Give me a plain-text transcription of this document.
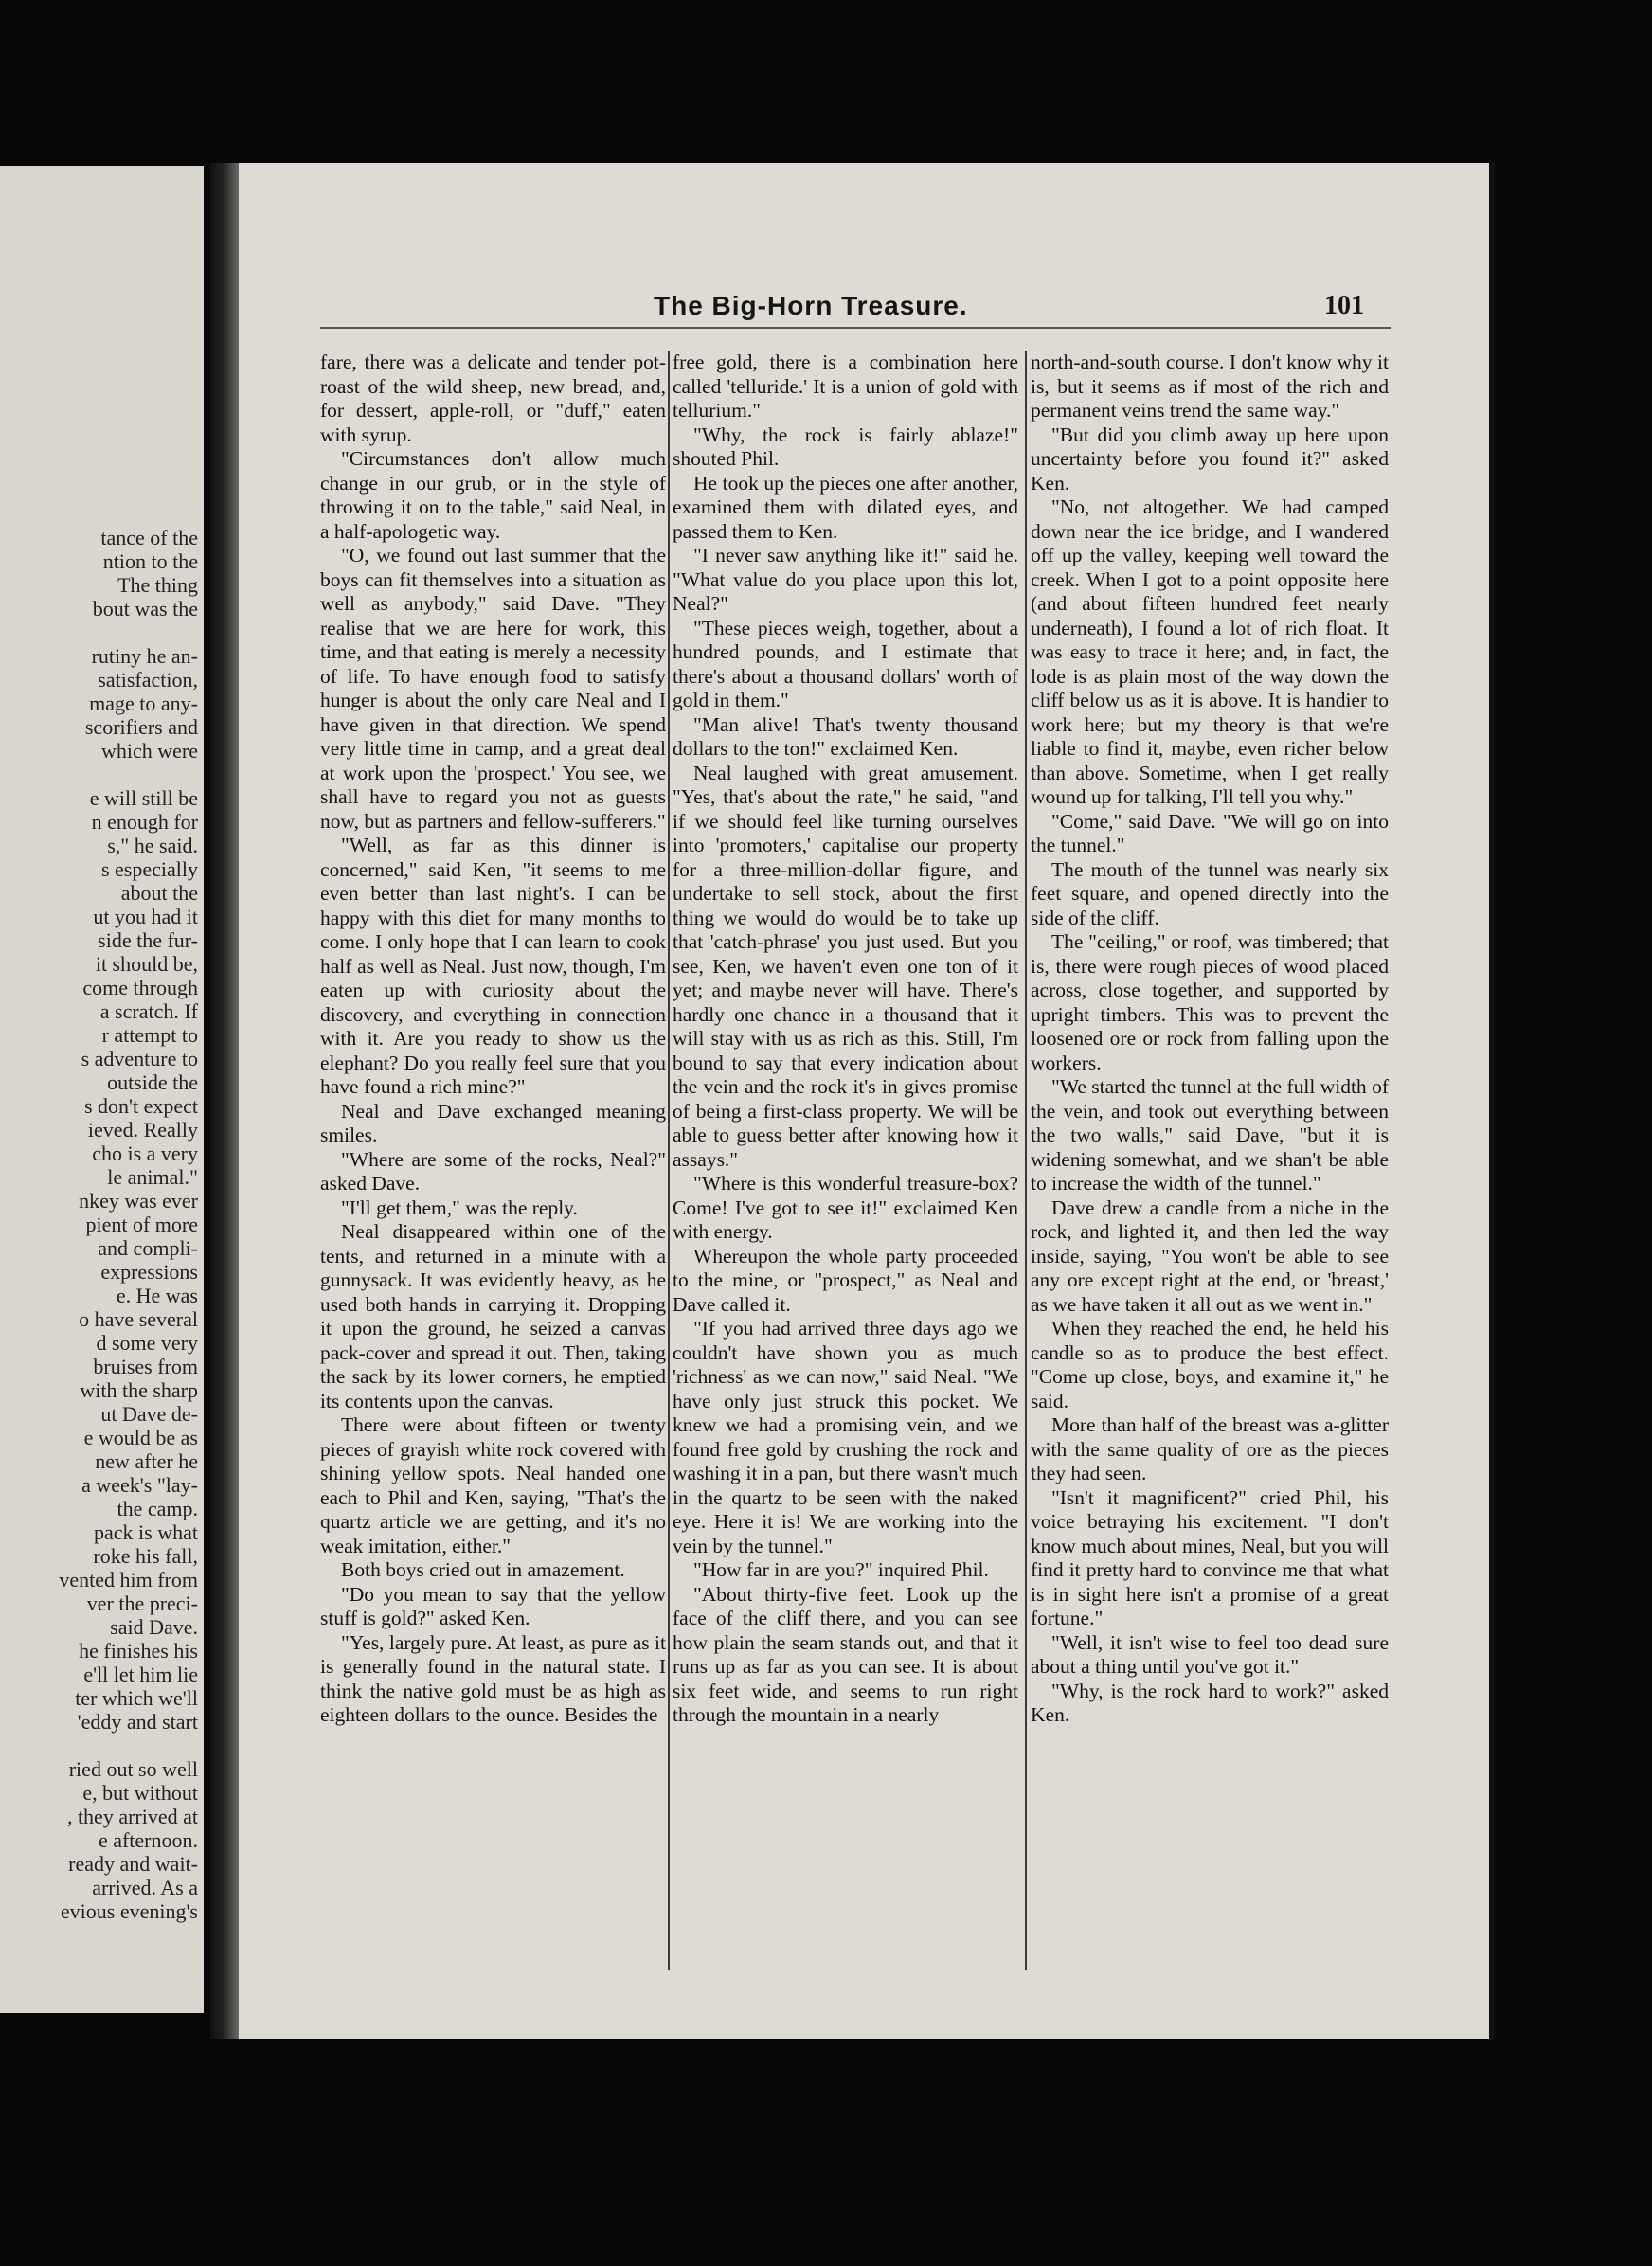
tance of the
ntion to the
The thing
bout was the

rutiny he an-
satisfaction,
mage to any-
scorifiers and
which were

e will still be
n enough for
s," he said.
s especially
about the
ut you had it
side the fur-
it should be,
come through
a scratch. If
r attempt to
s adventure to
outside the
s don't expect
ieved. Really
cho is a very
le animal."
nkey was ever
pient of more
and compli-
expressions
e. He was
o have several
d some very
bruises from
with the sharp
ut Dave de-
e would be as
new after he
a week's "lay-
the camp.
pack is what
roke his fall,
vented him from
ver the preci-
said Dave.
he finishes his
e'll let him lie
ter which we'll
'eddy and start

ried out so well
e, but without
, they arrived at
e afternoon.
ready and wait-
arrived. As a
evious evening's
The Big-Horn Treasure.	101

fare, there was a delicate and tender pot-roast of the wild sheep, new bread, and, for dessert, apple-roll, or "duff," eaten with syrup.

"Circumstances don't allow much change in our grub, or in the style of throwing it on to the table," said Neal, in a half-apologetic way.

"O, we found out last summer that the boys can fit themselves into a situation as well as anybody," said Dave. "They realise that we are here for work, this time, and that eating is merely a necessity of life. To have enough food to satisfy hunger is about the only care Neal and I have given in that direction. We spend very little time in camp, and a great deal at work upon the 'prospect.' You see, we shall have to regard you not as guests now, but as partners and fellow-sufferers."

"Well, as far as this dinner is concerned," said Ken, "it seems to me even better than last night's. I can be happy with this diet for many months to come. I only hope that I can learn to cook half as well as Neal. Just now, though, I'm eaten up with curiosity about the discovery, and everything in connection with it. Are you ready to show us the elephant? Do you really feel sure that you have found a rich mine?"

Neal and Dave exchanged meaning smiles.

"Where are some of the rocks, Neal?" asked Dave.

"I'll get them," was the reply.

Neal disappeared within one of the tents, and returned in a minute with a gunnysack. It was evidently heavy, as he used both hands in carrying it. Dropping it upon the ground, he seized a canvas pack-cover and spread it out. Then, taking the sack by its lower corners, he emptied its contents upon the canvas.

There were about fifteen or twenty pieces of grayish white rock covered with shining yellow spots. Neal handed one each to Phil and Ken, saying, "That's the quartz article we are getting, and it's no weak imitation, either."

Both boys cried out in amazement.

"Do you mean to say that the yellow stuff is gold?" asked Ken.

"Yes, largely pure. At least, as pure as it is generally found in the natural state. I think the native gold must be as high as eighteen dollars to the ounce. Besides the

free gold, there is a combination here called 'telluride.' It is a union of gold with tellurium."

"Why, the rock is fairly ablaze!" shouted Phil.

He took up the pieces one after another, examined them with dilated eyes, and passed them to Ken.

"I never saw anything like it!" said he. "What value do you place upon this lot, Neal?"

"These pieces weigh, together, about a hundred pounds, and I estimate that there's about a thousand dollars' worth of gold in them."

"Man alive! That's twenty thousand dollars to the ton!" exclaimed Ken.

Neal laughed with great amusement. "Yes, that's about the rate," he said, "and if we should feel like turning ourselves into 'promoters,' capitalise our property for a three-million-dollar figure, and undertake to sell stock, about the first thing we would do would be to take up that 'catch-phrase' you just used. But you see, Ken, we haven't even one ton of it yet; and maybe never will have. There's hardly one chance in a thousand that it will stay with us as rich as this. Still, I'm bound to say that every indication about the vein and the rock it's in gives promise of being a first-class property. We will be able to guess better after knowing how it assays."

"Where is this wonderful treasure-box? Come! I've got to see it!" exclaimed Ken with energy.

Whereupon the whole party proceeded to the mine, or "prospect," as Neal and Dave called it.

"If you had arrived three days ago we couldn't have shown you as much 'richness' as we can now," said Neal. "We have only just struck this pocket. We knew we had a promising vein, and we found free gold by crushing the rock and washing it in a pan, but there wasn't much in the quartz to be seen with the naked eye. Here it is! We are working into the vein by the tunnel."

"How far in are you?" inquired Phil.

"About thirty-five feet. Look up the face of the cliff there, and you can see how plain the seam stands out, and that it runs up as far as you can see. It is about six feet wide, and seems to run right through the mountain in a nearly

north-and-south course. I don't know why it is, but it seems as if most of the rich and permanent veins trend the same way."

"But did you climb away up here upon uncertainty before you found it?" asked Ken.

"No, not altogether. We had camped down near the ice bridge, and I wandered off up the valley, keeping well toward the creek. When I got to a point opposite here (and about fifteen hundred feet nearly underneath), I found a lot of rich float. It was easy to trace it here; and, in fact, the lode is as plain most of the way down the cliff below us as it is above. It is handier to work here; but my theory is that we're liable to find it, maybe, even richer below than above. Sometime, when I get really wound up for talking, I'll tell you why."

"Come," said Dave. "We will go on into the tunnel."

The mouth of the tunnel was nearly six feet square, and opened directly into the side of the cliff.

The "ceiling," or roof, was timbered; that is, there were rough pieces of wood placed across, close together, and supported by upright timbers. This was to prevent the loosened ore or rock from falling upon the workers.

"We started the tunnel at the full width of the vein, and took out everything between the two walls," said Dave, "but it is widening somewhat, and we shan't be able to increase the width of the tunnel."

Dave drew a candle from a niche in the rock, and lighted it, and then led the way inside, saying, "You won't be able to see any ore except right at the end, or 'breast,' as we have taken it all out as we went in."

When they reached the end, he held his candle so as to produce the best effect. "Come up close, boys, and examine it," he said.

More than half of the breast was a-glitter with the same quality of ore as the pieces they had seen.

"Isn't it magnificent?" cried Phil, his voice betraying his excitement. "I don't know much about mines, Neal, but you will find it pretty hard to convince me that what is in sight here isn't a promise of a great fortune."

"Well, it isn't wise to feel too dead sure about a thing until you've got it."

"Why, is the rock hard to work?" asked Ken.
